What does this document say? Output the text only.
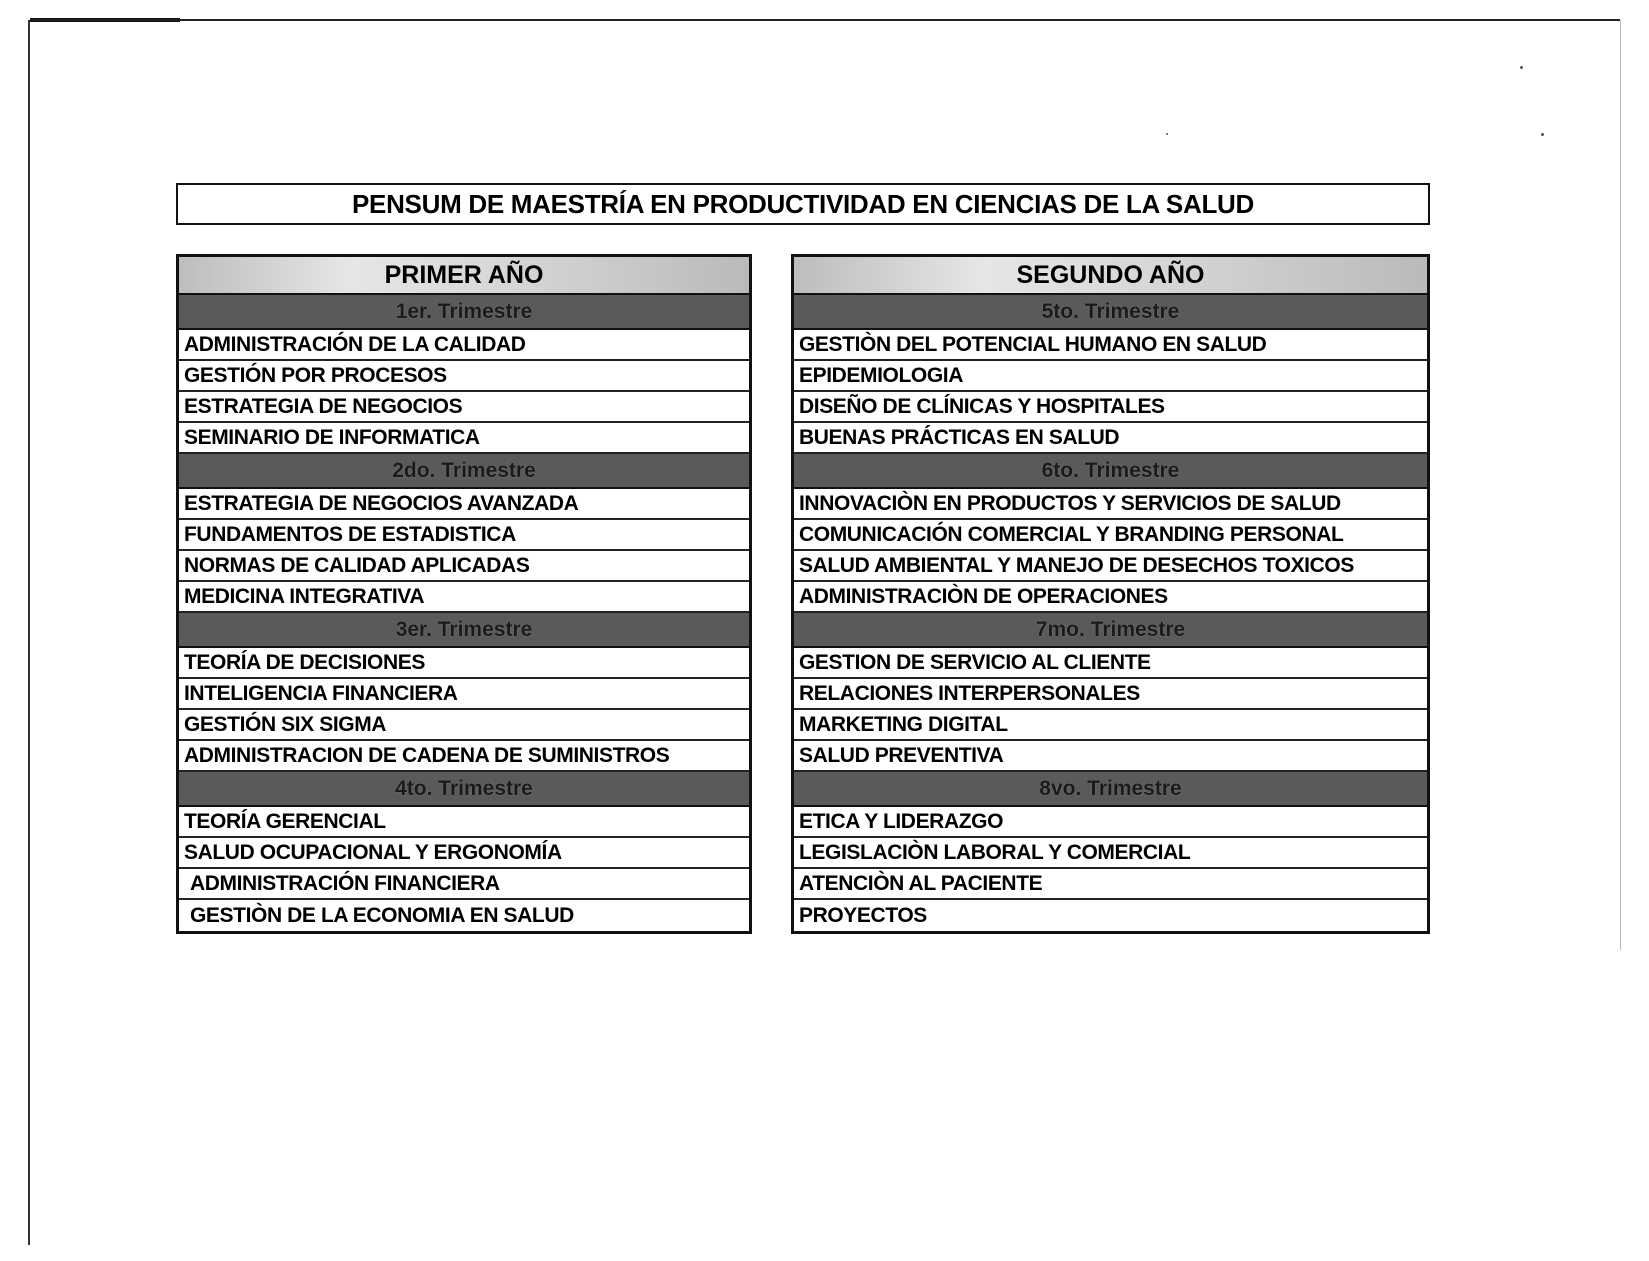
PENSUM DE MAESTRÍA EN PRODUCTIVIDAD EN CIENCIAS DE LA SALUD
PRIMER AÑO
1er. Trimestre
ADMINISTRACIÓN DE LA CALIDAD
GESTIÓN POR PROCESOS
ESTRATEGIA DE NEGOCIOS
SEMINARIO DE INFORMATICA
2do. Trimestre
ESTRATEGIA DE NEGOCIOS AVANZADA
FUNDAMENTOS DE ESTADISTICA
NORMAS DE CALIDAD APLICADAS
MEDICINA INTEGRATIVA
3er. Trimestre
TEORÍA DE DECISIONES
INTELIGENCIA FINANCIERA
GESTIÓN SIX SIGMA
ADMINISTRACION DE CADENA DE SUMINISTROS
4to. Trimestre
TEORÍA GERENCIAL
SALUD OCUPACIONAL Y ERGONOMÍA
ADMINISTRACIÓN FINANCIERA
GESTIÒN DE LA ECONOMIA EN SALUD
SEGUNDO AÑO
5to. Trimestre
GESTIÒN DEL POTENCIAL HUMANO EN SALUD
EPIDEMIOLOGIA
DISEÑO DE CLÍNICAS Y HOSPITALES
BUENAS PRÁCTICAS EN SALUD
6to. Trimestre
INNOVACIÒN EN PRODUCTOS Y SERVICIOS DE SALUD
COMUNICACIÓN COMERCIAL Y BRANDING PERSONAL
SALUD AMBIENTAL Y MANEJO DE DESECHOS TOXICOS
ADMINISTRACIÒN DE OPERACIONES
7mo. Trimestre
GESTION DE SERVICIO AL CLIENTE
RELACIONES INTERPERSONALES
MARKETING DIGITAL
SALUD PREVENTIVA
8vo. Trimestre
ETICA Y LIDERAZGO
LEGISLACIÒN LABORAL Y COMERCIAL
ATENCIÒN AL PACIENTE
PROYECTOS
